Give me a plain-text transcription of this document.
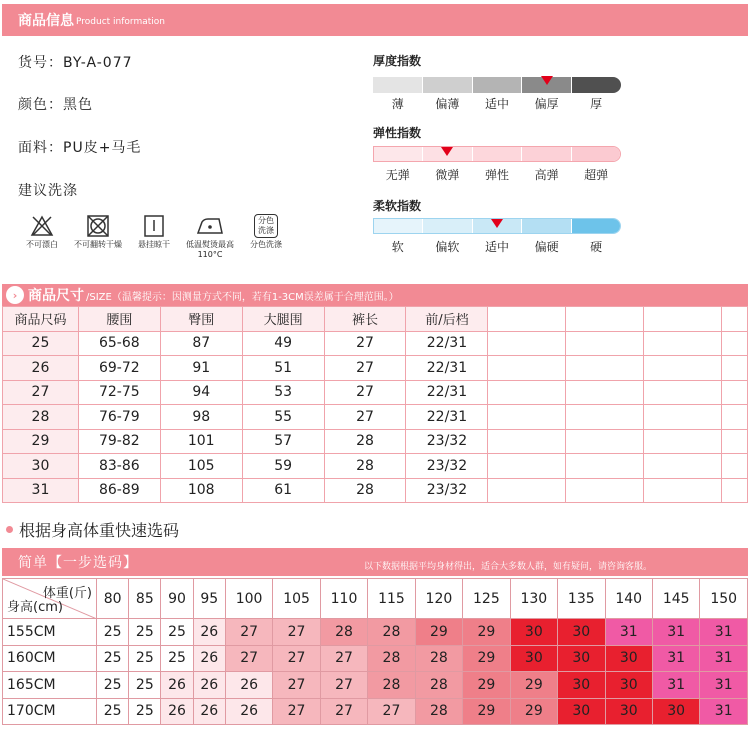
商品信息 Product information
货号：BY-A-077
颜色：黑色
面料：PU皮+马毛
建议洗涤
不可漂白 不可翻转干燥 悬挂晾干	低温熨烫最高110°C
分色洗涤
分色洗涤
厚度指数
薄	偏薄	适中	偏厚	厚
弹性指数
无弹	微弹	弹性	高弹	超弹
柔软指数
软	偏软	适中	偏硬	硬
› 商品尺寸 /SIZE（温馨提示：因测量方式不同，若有1-3CM误差属于合理范围。）
商品尺码	腰围	臀围	大腿围	裤长	前/后档				
25	65-68	87	49	27	22/31				
26	69-72	91	51	27	22/31				
27	72-75	94	53	27	22/31				
28	76-79	98	55	27	22/31				
29	79-82	101	57	28	23/32				
30	83-86	105	59	28	23/32				
31	86-89	108	61	28	23/32				
根据身高体重快速选码
简单【一步选码】	以下数据根据平均身材得出，适合大多数人群，如有疑问，请咨询客服。
体重(斤)
身高(cm)	80	85	90	95	100	105	110	115	120	125	130	135	140	145	150
155CM	25	25	25	26	27	27	28	28	29	29	30	30	31	31	31
160CM	25	25	25	26	27	27	27	28	28	29	30	30	30	31	31
165CM	25	25	26	26	26	27	27	28	28	29	29	30	30	31	31
170CM	25	25	26	26	26	27	27	27	28	29	29	30	30	30	31
